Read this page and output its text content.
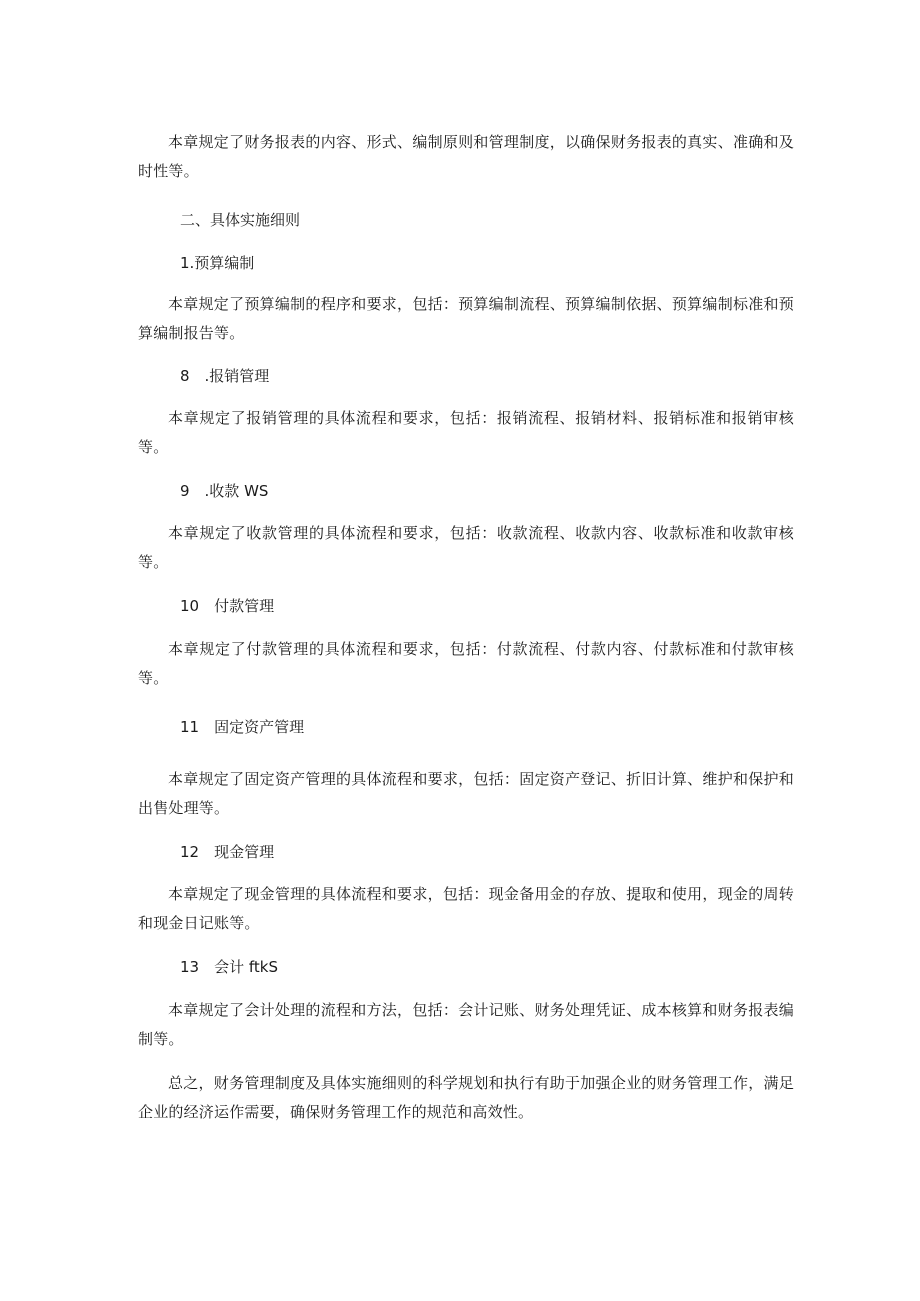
本章规定了财务报表的内容、形式、编制原则和管理制度，以确保财务报表的真实、准确和及时性等。

二、具体实施细则

1.预算编制

本章规定了预算编制的程序和要求，包括：预算编制流程、预算编制依据、预算编制标准和预算编制报告等。

8　.报销管理

本章规定了报销管理的具体流程和要求，包括：报销流程、报销材料、报销标准和报销审核等。

9　.收款 WS

本章规定了收款管理的具体流程和要求，包括：收款流程、收款内容、收款标准和收款审核等。

10　付款管理

本章规定了付款管理的具体流程和要求，包括：付款流程、付款内容、付款标准和付款审核等。

11　固定资产管理

本章规定了固定资产管理的具体流程和要求，包括：固定资产登记、折旧计算、维护和保护和出售处理等。

12　现金管理

本章规定了现金管理的具体流程和要求，包括：现金备用金的存放、提取和使用，现金的周转和现金日记账等。

13　会计 ftkS

本章规定了会计处理的流程和方法，包括：会计记账、财务处理凭证、成本核算和财务报表编制等。

总之，财务管理制度及具体实施细则的科学规划和执行有助于加强企业的财务管理工作，满足企业的经济运作需要，确保财务管理工作的规范和高效性。
